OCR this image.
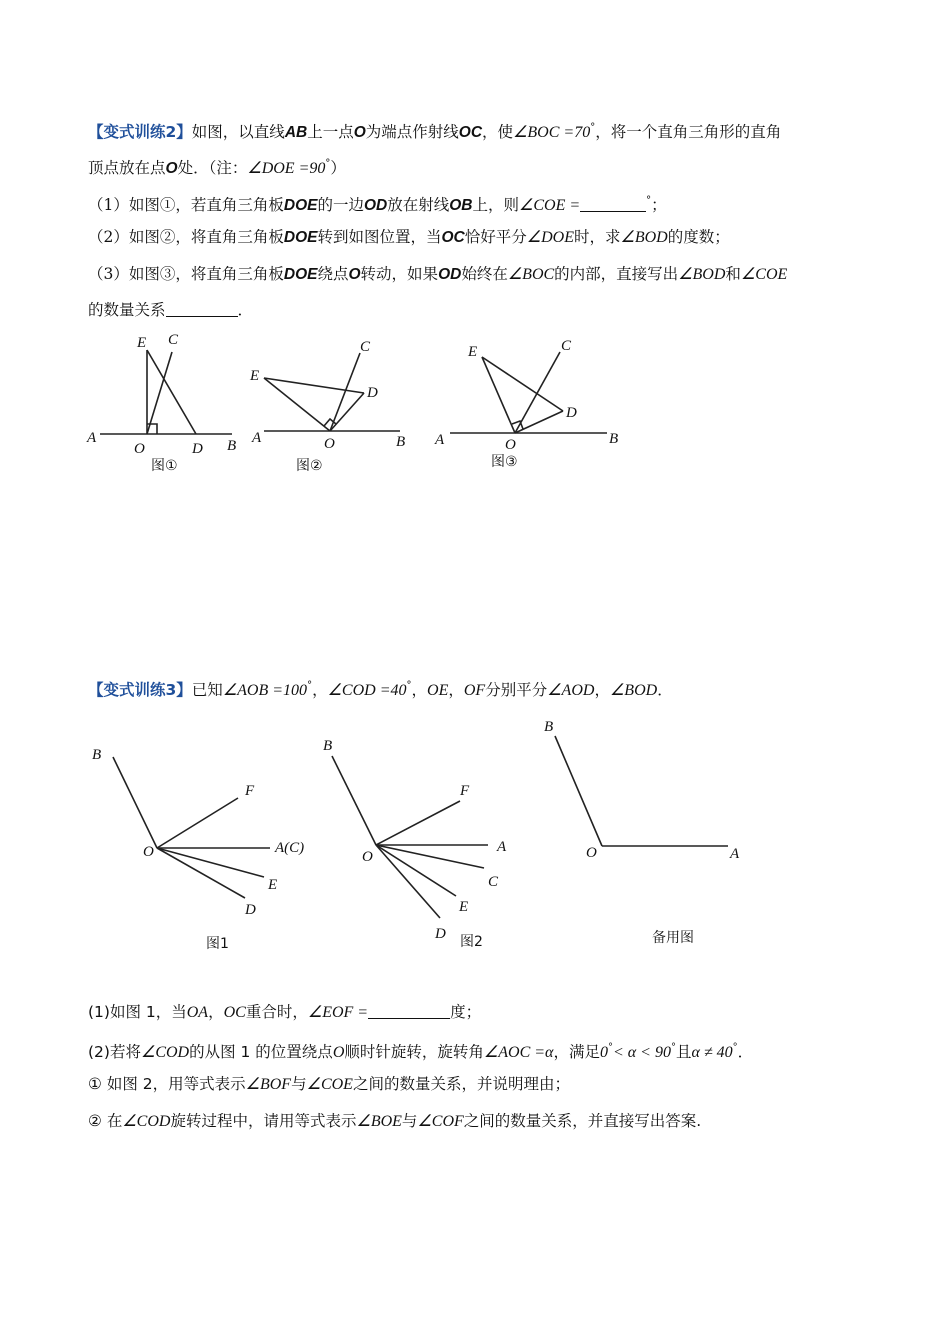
【变式训练2】如图，以直线AB上一点O为端点作射线OC，使∠BOC =70°，将一个直角三角形的直角
顶点放在点O处．（注：∠DOE =90°）
（1）如图①，若直角三角板DOE的一边OD放在射线OB上，则∠COE =	°；
（2）如图②，将直角三角板DOE转到如图位置，当OC恰好平分∠DOE时，求∠BOD的度数；
（3）如图③，将直角三角板DOE绕点O转动，如果OD始终在∠BOC的内部，直接写出∠BOD和∠COE
的数量关系	．
E C
A
O	D B
图①
E
C
D
A	O	B
图②
E	C
D
A	O	B
图③
【变式训练3】已知∠AOB =100°，∠COD =40°，OE，OF分别平分∠AOD，∠BOD．
B
F
O	A(C)
E
D
图1
B
F
O
A
C
E
D 图2
B
O	A
备用图
(1)如图 1，当OA，OC重合时，∠EOF =	度；
(2)若将∠COD的从图 1 的位置绕点O顺时针旋转，旋转角∠AOC =α，满足0°< α < 90°且α ≠ 40°．
① 如图 2，用等式表示∠BOF与∠COE之间的数量关系，并说明理由；
② 在∠COD旋转过程中，请用等式表示∠BOE与∠COF之间的数量关系，并直接写出答案.
